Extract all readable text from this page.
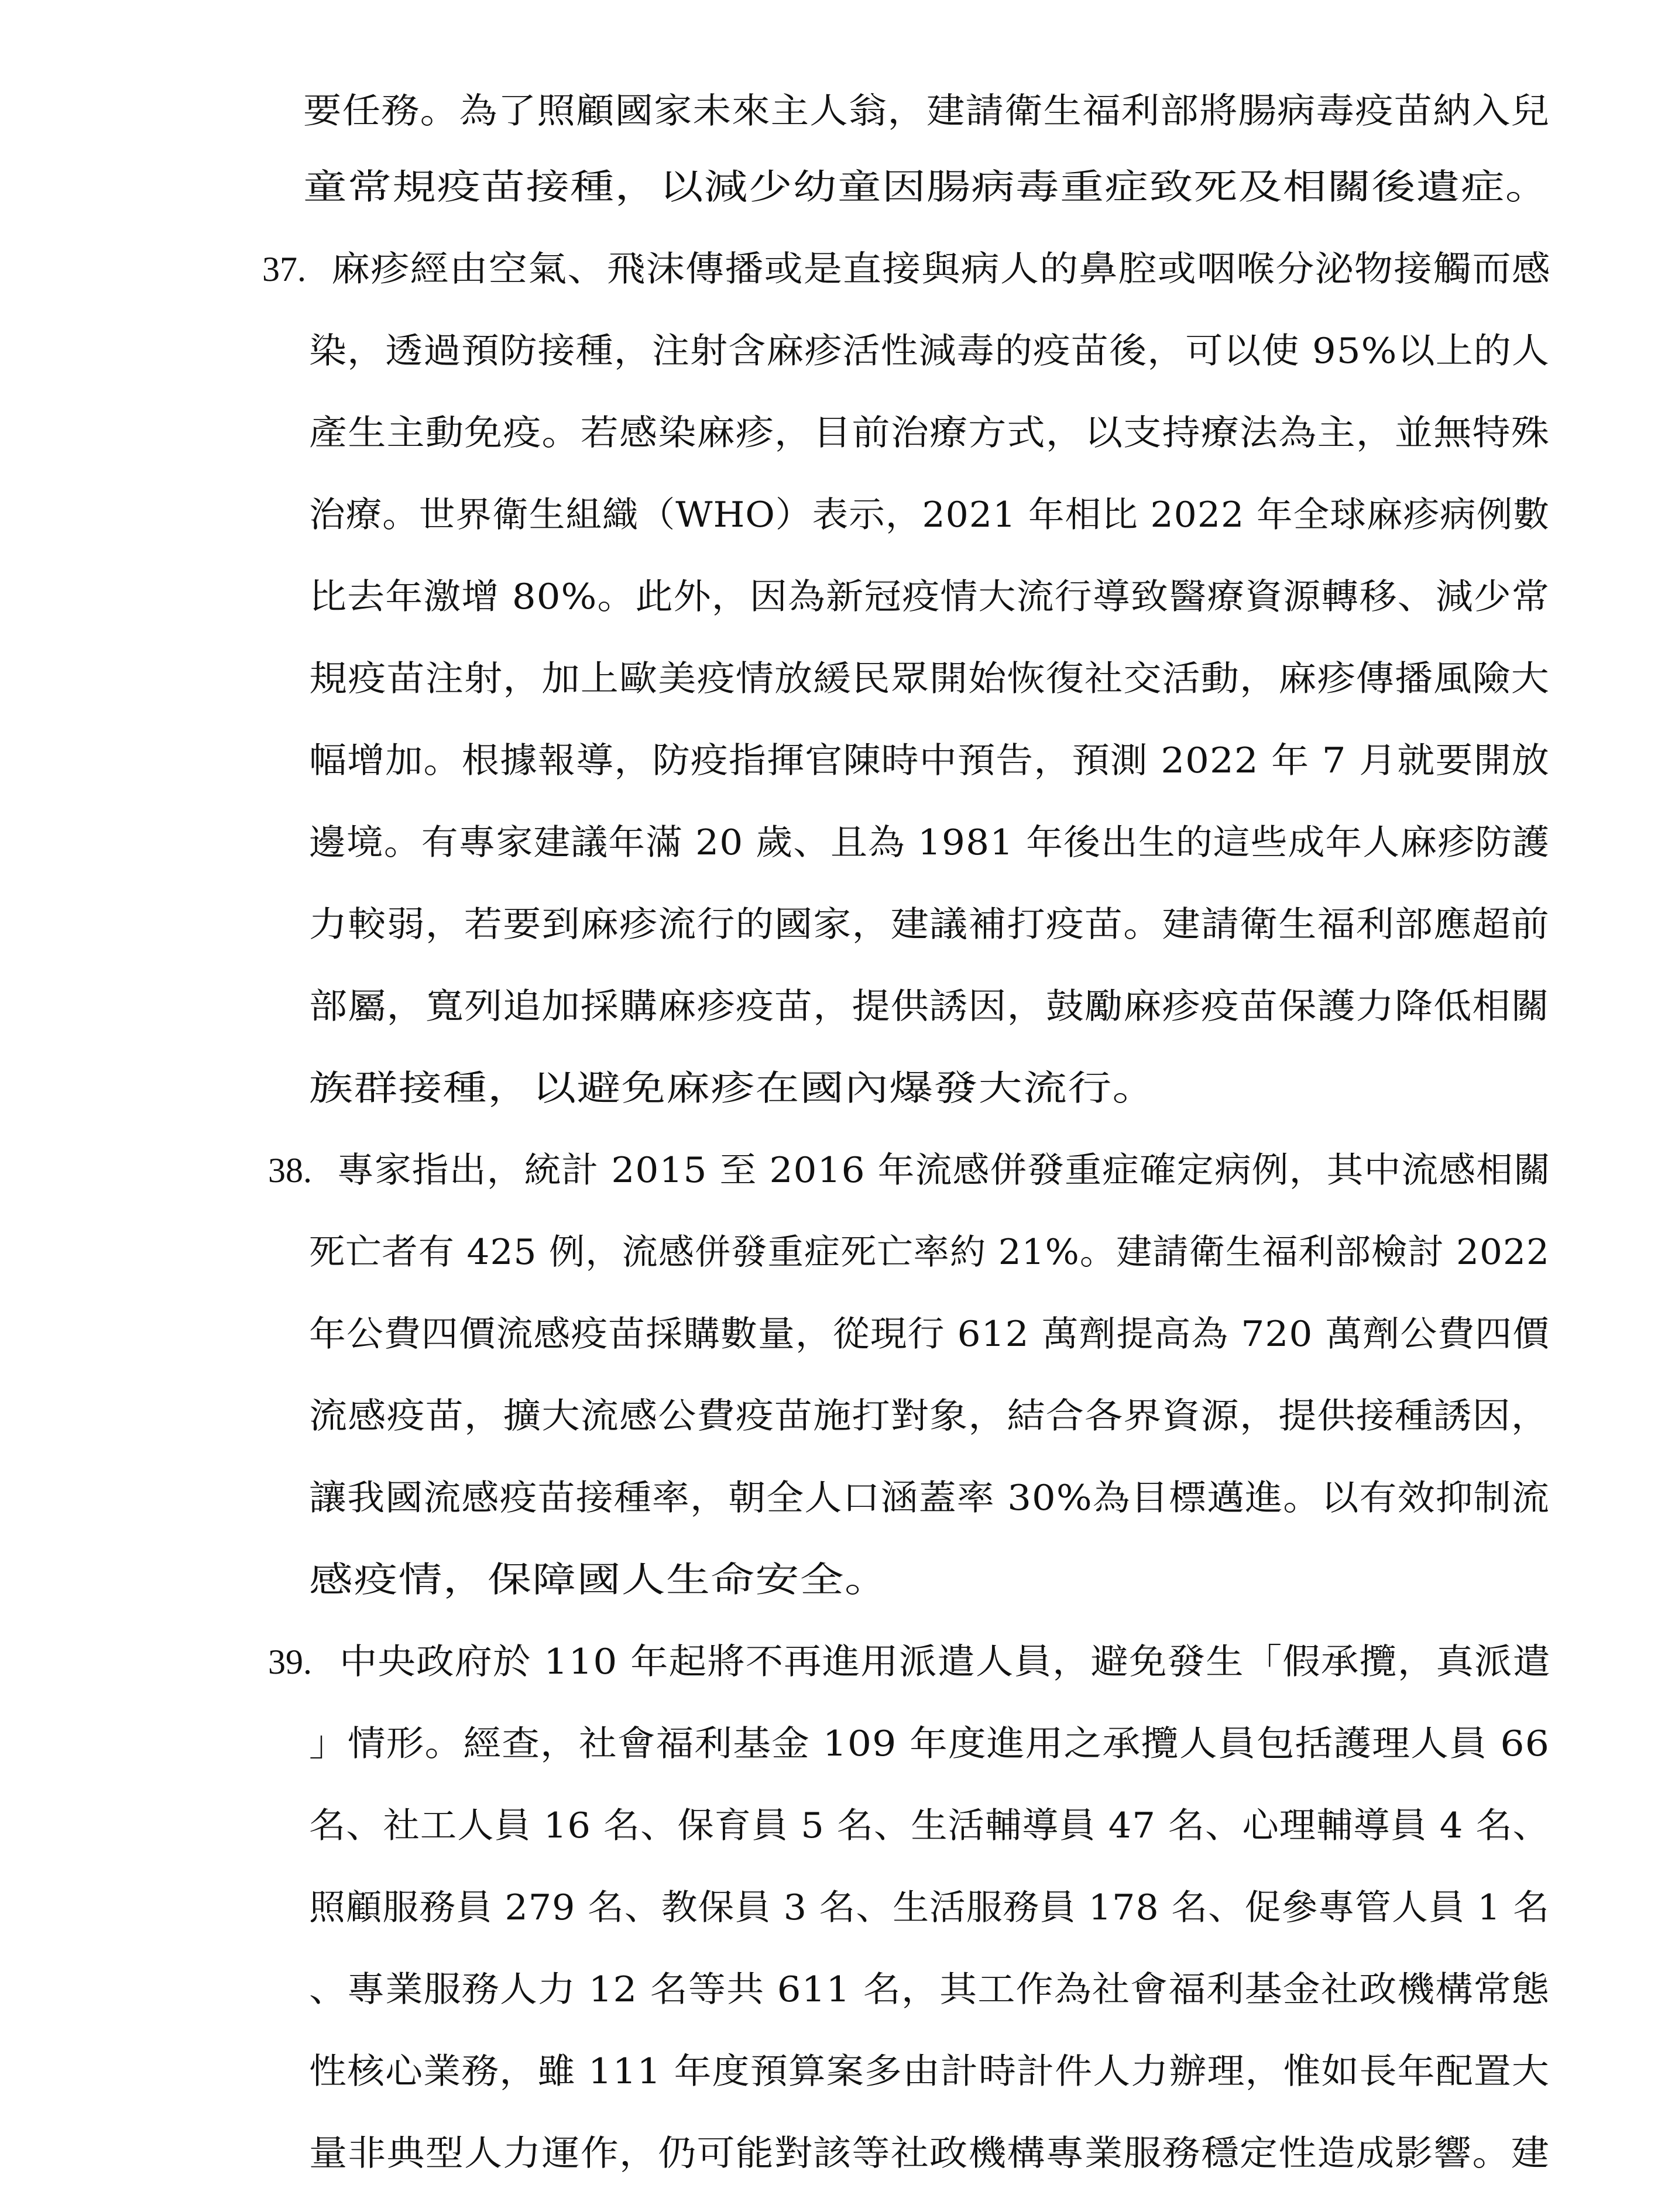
要任務。為了照顧國家未來主人翁，建請衛生福利部將腸病毒疫苗納入兒
童常規疫苗接種，以減少幼童因腸病毒重症致死及相關後遺症。
37. 麻疹經由空氣、飛沫傳播或是直接與病人的鼻腔或咽喉分泌物接觸而感
染，透過預防接種，注射含麻疹活性減毒的疫苗後，可以使 95%以上的人
產生主動免疫。若感染麻疹，目前治療方式，以支持療法為主，並無特殊
治療。世界衛生組織（WHO）表示，2021 年相比 2022 年全球麻疹病例數
比去年激增 80%。此外，因為新冠疫情大流行導致醫療資源轉移、減少常
規疫苗注射，加上歐美疫情放緩民眾開始恢復社交活動，麻疹傳播風險大
幅增加。根據報導，防疫指揮官陳時中預告，預測 2022 年 7 月就要開放
邊境。有專家建議年滿 20 歲、且為 1981 年後出生的這些成年人麻疹防護
力較弱，若要到麻疹流行的國家，建議補打疫苗。建請衛生福利部應超前
部屬，寬列追加採購麻疹疫苗，提供誘因，鼓勵麻疹疫苗保護力降低相關
族群接種，以避免麻疹在國內爆發大流行。
38. 專家指出，統計 2015 至 2016 年流感併發重症確定病例，其中流感相關
死亡者有 425 例，流感併發重症死亡率約 21%。建請衛生福利部檢討 2022
年公費四價流感疫苗採購數量，從現行 612 萬劑提高為 720 萬劑公費四價
流感疫苗，擴大流感公費疫苗施打對象，結合各界資源，提供接種誘因，
讓我國流感疫苗接種率，朝全人口涵蓋率 30%為目標邁進。以有效抑制流
感疫情，保障國人生命安全。
39. 中央政府於 110 年起將不再進用派遣人員，避免發生「假承攬，真派遣
」情形。經查，社會福利基金 109 年度進用之承攬人員包括護理人員 66
名、社工人員 16 名、保育員 5 名、生活輔導員 47 名、心理輔導員 4 名、
照顧服務員 279 名、教保員 3 名、生活服務員 178 名、促參專管人員 1 名
、專業服務人力 12 名等共 611 名，其工作為社會福利基金社政機構常態
性核心業務，雖 111 年度預算案多由計時計件人力辦理，惟如長年配置大
量非典型人力運作，仍可能對該等社政機構專業服務穩定性造成影響。建
